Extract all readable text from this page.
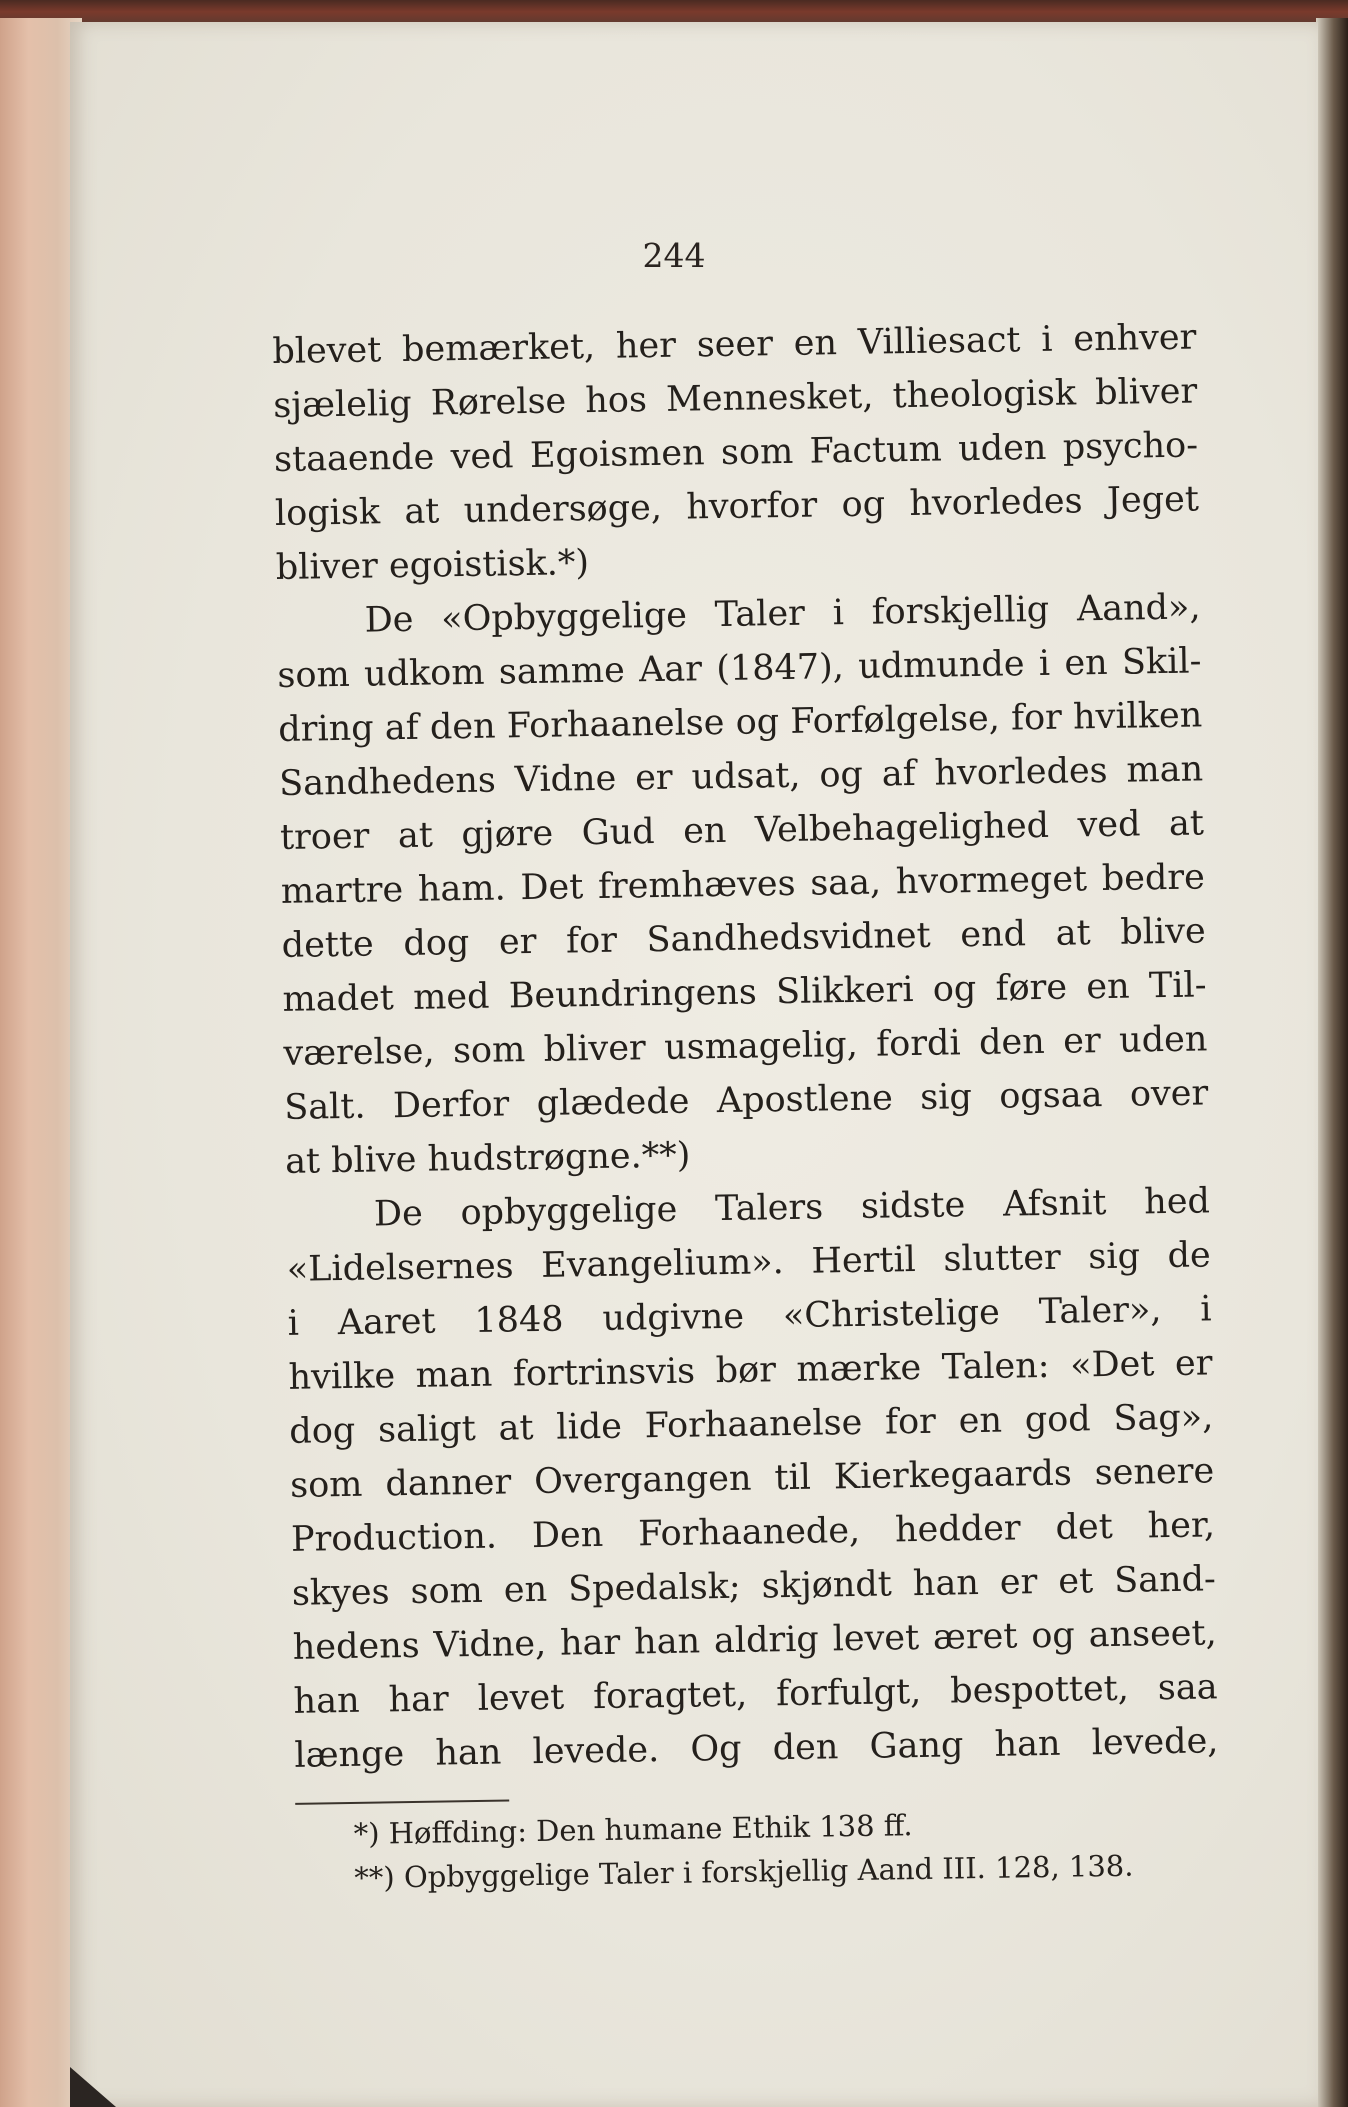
244
blevet bemærket, her seer en Villiesact i enhver
sjælelig Rørelse hos Mennesket, theologisk bliver
staaende ved Egoismen som Factum uden psycho-
logisk at undersøge, hvorfor og hvorledes Jeget
bliver egoistisk.*)
De «Opbyggelige Taler i forskjellig Aand»,
som udkom samme Aar (1847), udmunde i en Skil-
dring af den Forhaanelse og Forfølgelse, for hvilken
Sandhedens Vidne er udsat, og af hvorledes man
troer at gjøre Gud en Velbehagelighed ved at
martre ham. Det fremhæves saa, hvormeget bedre
dette dog er for Sandhedsvidnet end at blive
madet med Beundringens Slikkeri og føre en Til-
værelse, som bliver usmagelig, fordi den er uden
Salt. Derfor glædede Apostlene sig ogsaa over
at blive hudstrøgne.**)
De opbyggelige Talers sidste Afsnit hed
«Lidelsernes Evangelium». Hertil slutter sig de
i Aaret 1848 udgivne «Christelige Taler», i
hvilke man fortrinsvis bør mærke Talen: «Det er
dog saligt at lide Forhaanelse for en god Sag»,
som danner Overgangen til Kierkegaards senere
Production. Den Forhaanede, hedder det her,
skyes som en Spedalsk; skjøndt han er et Sand-
hedens Vidne, har han aldrig levet æret og anseet,
han har levet foragtet, forfulgt, bespottet, saa
længe han levede. Og den Gang han levede,
*) Høffding: Den humane Ethik 138 ff.
**) Opbyggelige Taler i forskjellig Aand III. 128, 138.
